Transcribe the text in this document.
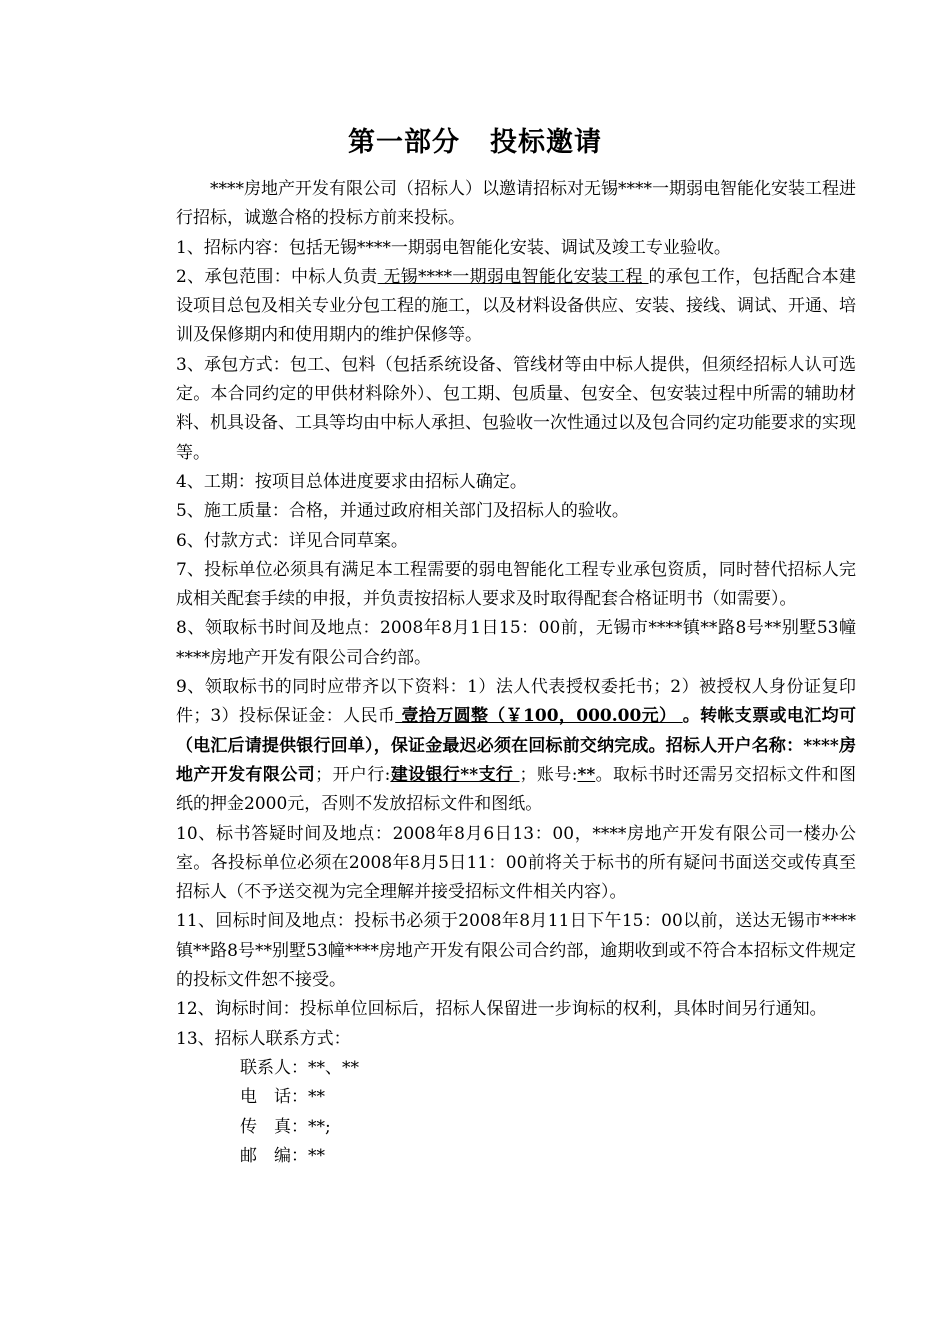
第一部分 投标邀请

****房地产开发有限公司（招标人）以邀请招标对无锡****一期弱电智能化安装工程进行招标，诚邀合格的投标方前来投标。

1、招标内容：包括无锡****一期弱电智能化安装、调试及竣工专业验收。

2、承包范围：中标人负责 无锡****一期弱电智能化安装工程 的承包工作，包括配合本建设项目总包及相关专业分包工程的施工，以及材料设备供应、安装、接线、调试、开通、培训及保修期内和使用期内的维护保修等。

3、承包方式：包工、包料（包括系统设备、管线材等由中标人提供，但须经招标人认可选定。本合同约定的甲供材料除外）、包工期、包质量、包安全、包安装过程中所需的辅助材料、机具设备、工具等均由中标人承担、包验收一次性通过以及包合同约定功能要求的实现等。

4、工期：按项目总体进度要求由招标人确定。

5、施工质量：合格，并通过政府相关部门及招标人的验收。

6、付款方式：详见合同草案。

7、投标单位必须具有满足本工程需要的弱电智能化工程专业承包资质，同时替代招标人完成相关配套手续的申报，并负责按招标人要求及时取得配套合格证明书（如需要）。

8、领取标书时间及地点：2008年8月1日15：00前，无锡市****镇**路8号**别墅53幢****房地产开发有限公司合约部。

9、领取标书的同时应带齐以下资料：1）法人代表授权委托书；2）被授权人身份证复印件；3）投标保证金：人民币 壹拾万圆整（￥100，000.00元） 。转帐支票或电汇均可（电汇后请提供银行回单），保证金最迟必须在回标前交纳完成。招标人开户名称：****房地产开发有限公司；开户行:建设银行**支行 ；账号:**。取标书时还需另交招标文件和图纸的押金2000元，否则不发放招标文件和图纸。

10、标书答疑时间及地点：2008年8月6日13：00，****房地产开发有限公司一楼办公室。各投标单位必须在2008年8月5日11：00前将关于标书的所有疑问书面送交或传真至招标人（不予送交视为完全理解并接受招标文件相关内容）。

11、回标时间及地点：投标书必须于2008年8月11日下午15：00以前，送达无锡市****镇**路8号**别墅53幢****房地产开发有限公司合约部，逾期收到或不符合本招标文件规定的投标文件恕不接受。

12、询标时间：投标单位回标后，招标人保留进一步询标的权利，具体时间另行通知。

13、招标人联系方式：

联系人：**、**

电　话：**

传　真：**;

邮　编：**
